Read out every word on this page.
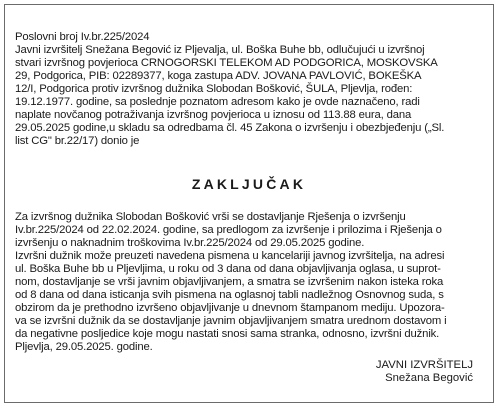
Poslovni broj Iv.br.225/2024
Javni izvršitelj Snežana Begović iz Pljevalja, ul. Boška Buhe bb, odlučujući u izvršnoj
stvari izvršnog povjerioca CRNOGORSKI TELEKOM AD PODGORICA, MOSKOVSKA
29, Podgorica, PIB: 02289377, koga zastupa ADV. JOVANA PAVLOVIĆ, BOKEŠKA
12/I, Podgorica protiv izvršnog dužnika Slobodan Bošković, ŠULA, Pljevlja, rođen:
19.12.1977. godine, sa poslednje poznatom adresom kako je ovde naznačeno, radi
naplate novčanog potraživanja izvršnog povjerioca u iznosu od 113.88 eura, dana
29.05.2025 godine,u skladu sa odredbama čl. 45 Zakona o izvršenju i obezbjeđenju („Sl.
list CG" br.22/17) donio je
ZAKLJUČAK
Za izvršnog dužnika Slobodan Bošković vrši se dostavljanje Rješenja o izvršenju
Iv.br.225/2024 od 22.02.2024. godine, sa predlogom za izvršenje i prilozima i Rješenja o
izvršenju o naknadnim troškovima Iv.br.225/2024 od 29.05.2025 godine.
Izvršni dužnik može preuzeti navedena pismena u kancelariji javnog izvršitelja, na adresi
ul. Boška Buhe bb u Pljevljima, u roku od 3 dana od dana objavljivanja oglasa, u suprot-
nom, dostavljanje se vrši javnim objavljivanjem, a smatra se izvršenim nakon isteka roka
od 8 dana od dana isticanja svih pismena na oglasnoj tabli nadležnog Osnovnog suda, s
obzirom da je prethodno izvršeno objavljivanje u dnevnom štampanom mediju. Upozora-
va se izvršni dužnik da se dostavljanje javnim objavljivanjem smatra urednom dostavom i
da negativne posljedice koje mogu nastati snosi sama stranka, odnosno, izvršni dužnik.
Pljevlja, 29.05.2025. godine.
JAVNI IZVRŠITELJ
Snežana Begović
